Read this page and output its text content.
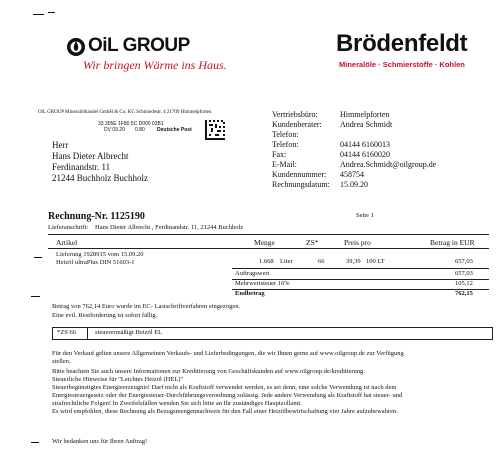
OiL GROUP
Wir bringen Wärme ins Haus.
Brödenfeldt
Mineralöle · Schmierstoffe · Kohlen
OiL GROUP Mineralölhandel GmbH & Co. KG Schmiedestr. 4 21709 Himmelpforten
33 305E 1F80 5C D000 02B1
DV 09.20 0.80 Deutsche Post
Herr
Hans Dieter Albrecht
Ferdinandstr. 11
21244 Buchholz Buchholz
Vertriebsbüro:	Himmelpforten
Kundenberater: Andrea Schmidt
Telefon:
Telefon:	04144 6160013
Fax:	04144 6160020
E-Mail:	Andrea.Schmidt@oilgroup.de
Kundennummer: 458754
Rechnungsdatum: 15.09.20
Rechnung-Nr. 1125190	Seite 1
Lieferanschrift: Hans Dieter Albrecht , Ferdinandstr. 11, 21244 Buchholz
Artikel	Menge	ZS*	Preis pro	Betrag in EUR
Lieferung 1928915 vom 15.09.20
Heizöl ultraPlus DIN 51603-1	1.668 Liter	66	39,39 100 LT	657,03
Auftragswert	657,03
Mehrwertsteuer 16%	105,12
Endbetrag	762,15
Betrag von 762,14 Euro wurde im EC- Lastschriftverfahren eingezogen.
Eine evtl. Restforderung ist sofort fällig.
*ZS 66	steuerermäßigt Heizöl EL
Für den Verkauf gelten unsere Allgemeinen Verkaufs- und Lieferbedingungen, die wir Ihnen gerne auf www.oilgroup.de zur Verfügung
stellen.
Bitte beachten Sie auch unsere Informationen zur Kreditierung von Geschäftskunden auf www.oilgroup.de/kreditierung.
Steuerliche Hinweise für "Leichtes Heizöl (HEL)"
Steuerbegünstigtes Energieerzeugnis! Darf nicht als Kraftstoff verwendet werden, es sei denn, eine solche Verwendung ist nach dem
Energiesteuergesetz oder der Energiesteuer-Durchführungsverordnung zulässig. Jede andere Verwendung als Kraftstoff hat steuer- und
strafrechtliche Folgen! In Zweifelsfällen wenden Sie sich bitte an Ihr zuständiges Hauptzollamt.
Es wird empfohlen, diese Rechnung als Bezugsmengennachweis für den Fall einer Heizölbewirtschaftung vier Jahre aufzubewahren.
Wir bedanken uns für Ihren Auftrag!
